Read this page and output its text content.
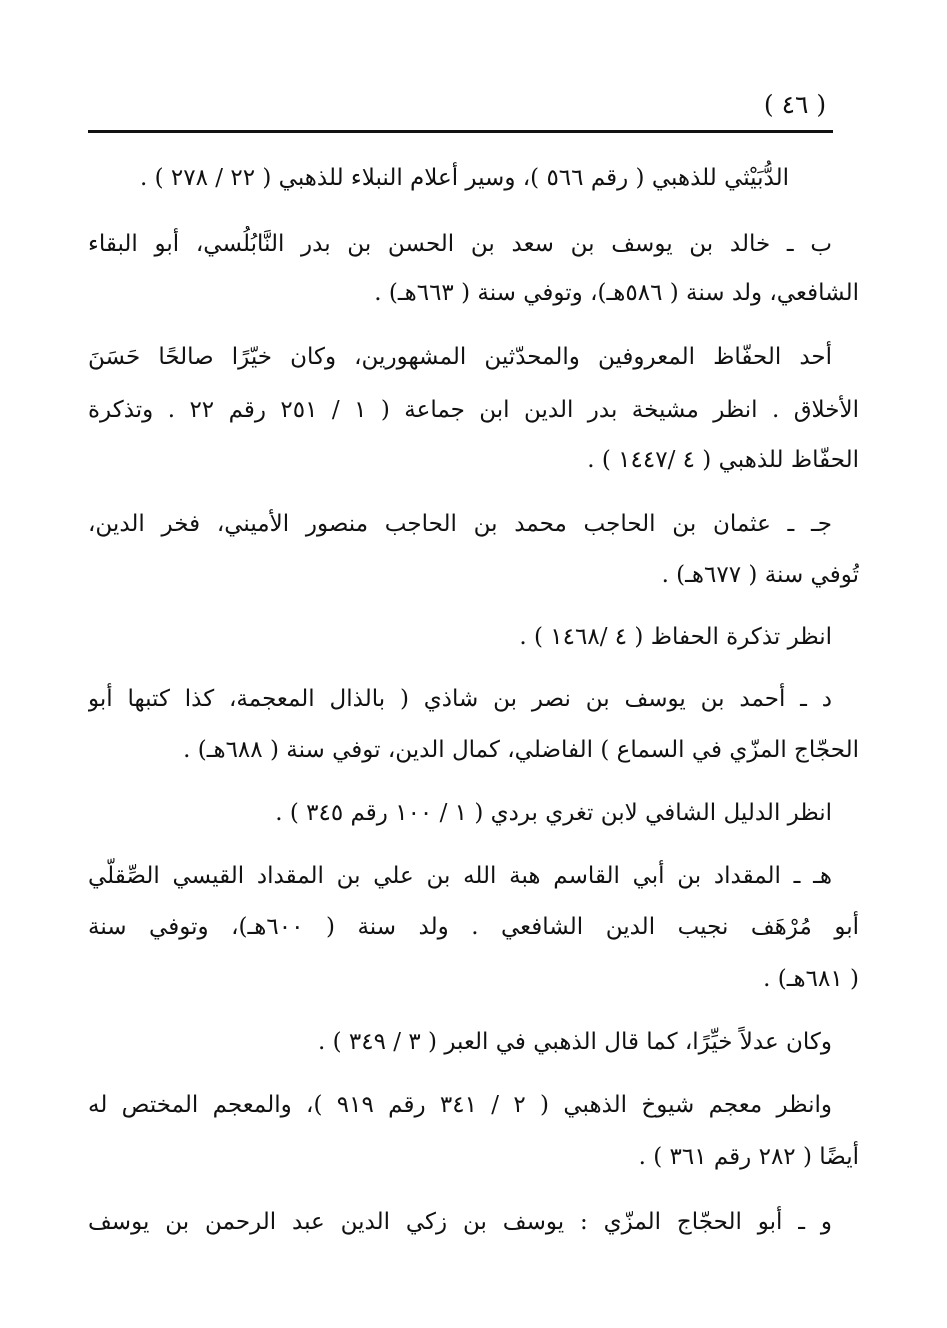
( ٤٦ )
الدُّبَيْثي للذهبي ( رقم ٥٦٦ )، وسير أعلام النبلاء للذهبي ( ٢٢ / ٢٧٨ ) .
ب ـ خالد بن يوسف بن سعد بن الحسن بن بدر النَّابُلُسي، أبو البقاء
الشافعي، ولد سنة ( ٥٨٦هـ)، وتوفي سنة ( ٦٦٣هـ) .
أحد الحفّاظ المعروفين والمحدّثين المشهورين، وكان خيّرًا صالحًا حَسَنَ
الأخلاق . انظر مشيخة بدر الدين ابن جماعة ( ١ / ٢٥١ رقم ٢٢ . وتذكرة
الحفّاظ للذهبي ( ٤ /١٤٤٧ ) .
جـ ـ عثمان بن الحاجب محمد بن الحاجب منصور الأميني، فخر الدين،
تُوفي سنة ( ٦٧٧هـ) .
انظر تذكرة الحفاظ ( ٤ /١٤٦٨ ) .
د ـ أحمد بن يوسف بن نصر بن شاذي ( بالذال المعجمة، كذا كتبها أبو
الحجّاج المزّي في السماع ) الفاضلي، كمال الدين، توفي سنة ( ٦٨٨هـ) .
انظر الدليل الشافي لابن تغري بردي ( ١ / ١٠٠ رقم ٣٤٥ ) .
هـ ـ المقداد بن أبي القاسم هبة الله بن علي بن المقداد القيسي الصِّقلّي
أبو مُرْهَف نجيب الدين الشافعي . ولد سنة ( ٦٠٠هـ)، وتوفي سنة
( ٦٨١هـ) .
وكان عدلاً خيِّرًا، كما قال الذهبي في العبر ( ٣ / ٣٤٩ ) .
وانظر معجم شيوخ الذهبي ( ٢ / ٣٤١ رقم ٩١٩ )، والمعجم المختص له
أيضًا ( ٢٨٢ رقم ٣٦١ ) .
و ـ أبو الحجّاج المزّي : يوسف بن زكي الدين عبد الرحمن بن يوسف
